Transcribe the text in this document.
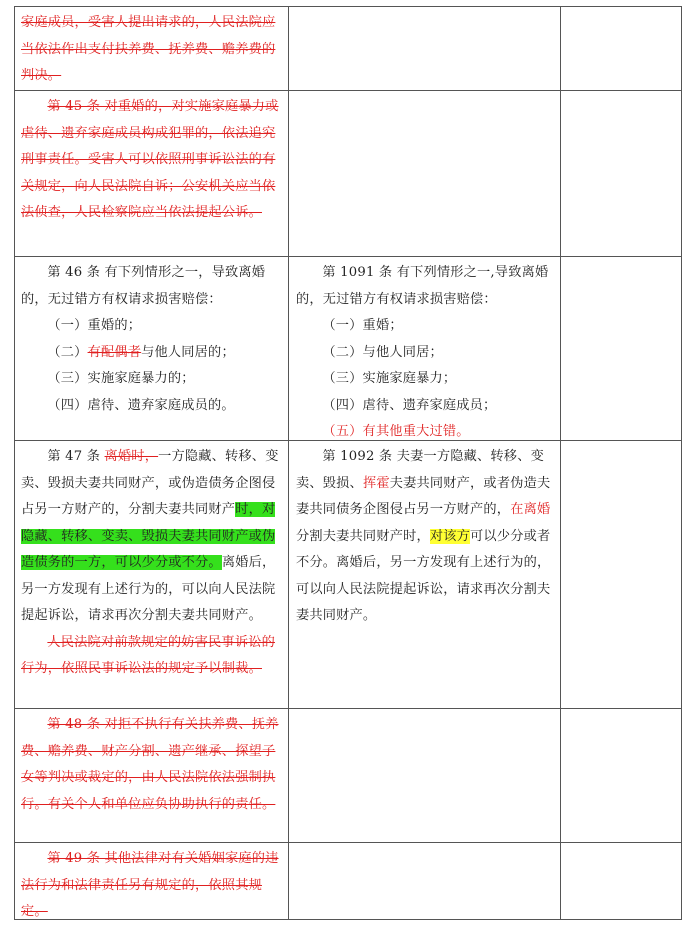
家庭成员，受害人提出请求的，人民法院应当依法作出支付扶养费、抚养费、赡养费的判决。

第 45 条 对重婚的，对实施家庭暴力或虐待、遗弃家庭成员构成犯罪的，依法追究刑事责任。受害人可以依照刑事诉讼法的有关规定，向人民法院自诉；公安机关应当依法侦查，人民检察院应当依法提起公诉。

第 46 条 有下列情形之一，导致离婚的，无过错方有权请求损害赔偿：

（一）重婚的；

（二）有配偶者与他人同居的；

（三）实施家庭暴力的；

（四）虐待、遗弃家庭成员的。

第 1091 条 有下列情形之一,导致离婚的，无过错方有权请求损害赔偿：

（一）重婚；

（二）与他人同居；

（三）实施家庭暴力；

（四）虐待、遗弃家庭成员；

（五）有其他重大过错。

第 47 条 离婚时，一方隐藏、转移、变卖、毁损夫妻共同财产，或伪造债务企图侵占另一方财产的，分割夫妻共同财产时，对隐藏、转移、变卖、毁损夫妻共同财产或伪造债务的一方，可以少分或不分。离婚后，另一方发现有上述行为的，可以向人民法院提起诉讼，请求再次分割夫妻共同财产。

人民法院对前款规定的妨害民事诉讼的行为，依照民事诉讼法的规定予以制裁。

第 1092 条 夫妻一方隐藏、转移、变卖、毁损、挥霍夫妻共同财产，或者伪造夫妻共同债务企图侵占另一方财产的，在离婚分割夫妻共同财产时，对该方可以少分或者不分。离婚后，另一方发现有上述行为的，可以向人民法院提起诉讼，请求再次分割夫妻共同财产。

第 48 条 对拒不执行有关扶养费、抚养费、赡养费、财产分割、遗产继承、探望子女等判决或裁定的，由人民法院依法强制执行。有关个人和单位应负协助执行的责任。

第 49 条 其他法律对有关婚姻家庭的违法行为和法律责任另有规定的，依照其规定。
